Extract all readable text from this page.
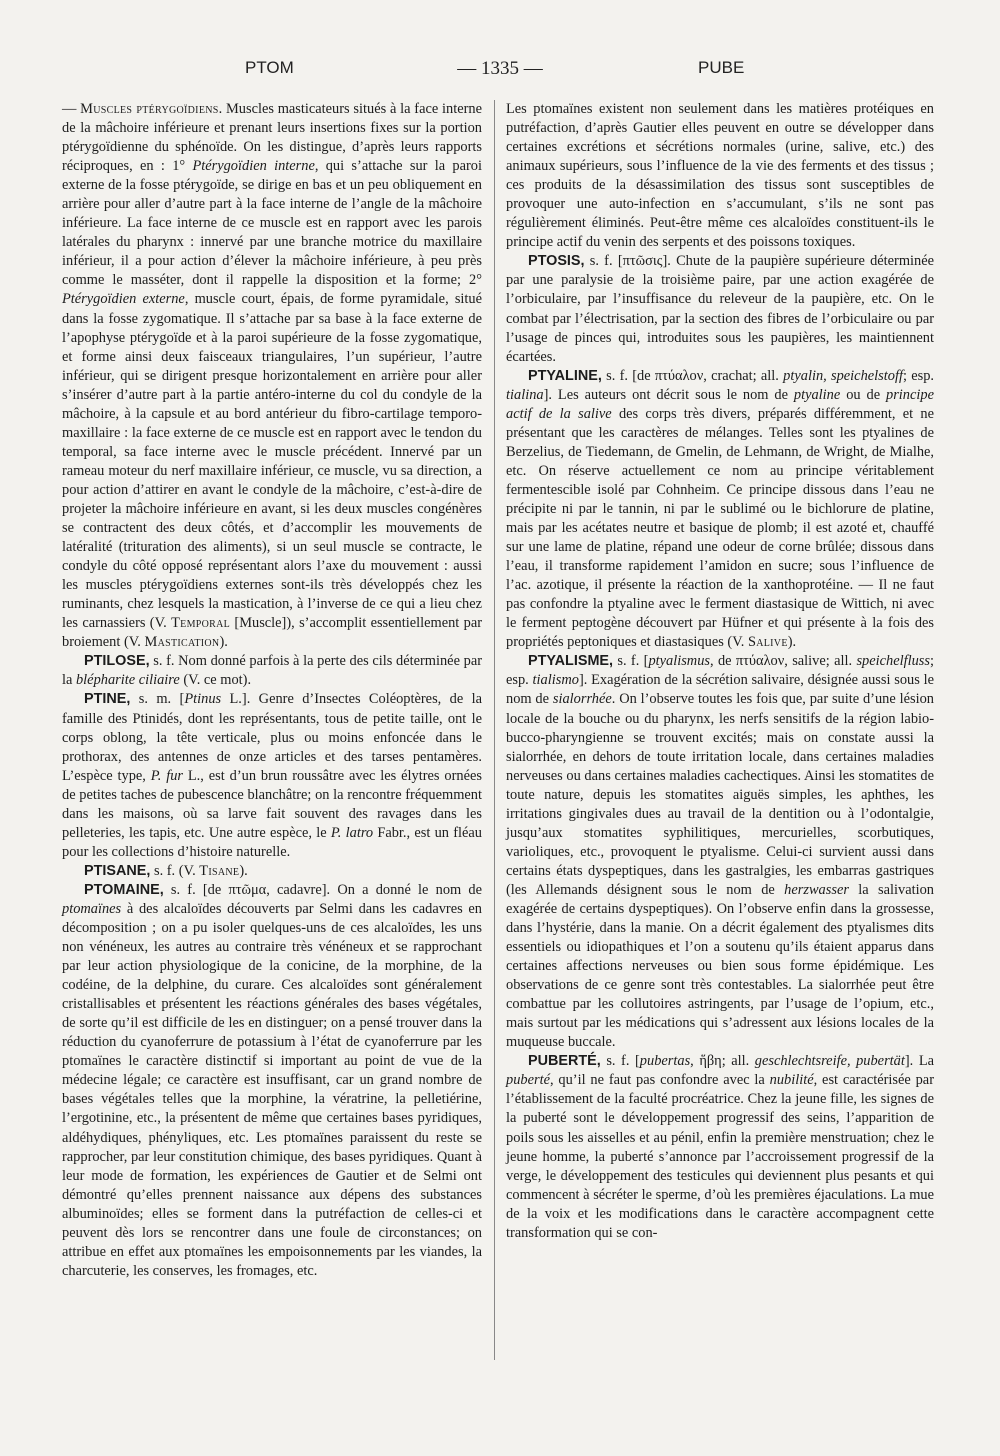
PTOM	— 1335 —	PUBE

— Muscles ptérygoïdiens. Muscles masticateurs situés à la face interne de la mâchoire inférieure et prenant leurs insertions fixes sur la portion ptérygoïdienne du sphénoïde. On les distingue, d’après leurs rapports réciproques, en : 1° Ptérygoïdien interne, qui s’attache sur la paroi externe de la fosse ptérygoïde, se dirige en bas et un peu obliquement en arrière pour aller d’autre part à la face interne de l’angle de la mâchoire inférieure. La face interne de ce muscle est en rapport avec les parois latérales du pharynx : innervé par une branche motrice du maxillaire inférieur, il a pour action d’élever la mâchoire inférieure, à peu près comme le masséter, dont il rappelle la disposition et la forme; 2° Ptérygoïdien externe, muscle court, épais, de forme pyramidale, situé dans la fosse zygomatique. Il s’attache par sa base à la face externe de l’apophyse ptérygoïde et à la paroi supérieure de la fosse zygomatique, et forme ainsi deux faisceaux triangulaires, l’un supérieur, l’autre inférieur, qui se dirigent presque horizontalement en arrière pour aller s’insérer d’autre part à la partie antéro-interne du col du condyle de la mâchoire, à la capsule et au bord antérieur du fibro-cartilage temporo-maxillaire : la face externe de ce muscle est en rapport avec le tendon du temporal, sa face interne avec le muscle précédent. Innervé par un rameau moteur du nerf maxillaire inférieur, ce muscle, vu sa direction, a pour action d’attirer en avant le condyle de la mâchoire, c’est-à-dire de projeter la mâchoire inférieure en avant, si les deux muscles congénères se contractent des deux côtés, et d’accomplir les mouvements de latéralité (trituration des aliments), si un seul muscle se contracte, le condyle du côté opposé représentant alors l’axe du mouvement : aussi les muscles ptérygoïdiens externes sont-ils très développés chez les ruminants, chez lesquels la mastication, à l’inverse de ce qui a lieu chez les carnassiers (V. Temporal [Muscle]), s’accomplit essentiellement par broiement (V. Mastication).

PTILOSE, s. f. Nom donné parfois à la perte des cils déterminée par la blépharite ciliaire (V. ce mot).

PTINE, s. m. [Ptinus L.]. Genre d’Insectes Coléoptères, de la famille des Ptinidés, dont les représentants, tous de petite taille, ont le corps oblong, la tête verticale, plus ou moins enfoncée dans le prothorax, des antennes de onze articles et des tarses pentamères. L’espèce type, P. fur L., est d’un brun roussâtre avec les élytres ornées de petites taches de pubescence blanchâtre; on la rencontre fréquemment dans les maisons, où sa larve fait souvent des ravages dans les pelleteries, les tapis, etc. Une autre espèce, le P. latro Fabr., est un fléau pour les collections d’histoire naturelle.

PTISANE, s. f. (V. Tisane).

PTOMAINE, s. f. [de πτῶμα, cadavre]. On a donné le nom de ptomaïnes à des alcaloïdes découverts par Selmi dans les cadavres en décomposition ; on a pu isoler quelques-uns de ces alcaloïdes, les uns non vénéneux, les autres au contraire très vénéneux et se rapprochant par leur action physiologique de la conicine, de la morphine, de la codéine, de la delphine, du curare. Ces alcaloïdes sont généralement cristallisables et présentent les réactions générales des bases végétales, de sorte qu’il est difficile de les en distinguer; on a pensé trouver dans la réduction du cyanoferrure de potassium à l’état de cyanoferrure par les ptomaïnes le caractère distinctif si important au point de vue de la médecine légale; ce caractère est insuffisant, car un grand nombre de bases végétales telles que la morphine, la vératrine, la pelletiérine, l’ergotinine, etc., la présentent de même que certaines bases pyridiques, aldéhydiques, phényliques, etc. Les ptomaïnes paraissent du reste se rapprocher, par leur constitution chimique, des bases pyridiques. Quant à leur mode de formation, les expériences de Gautier et de Selmi ont démontré qu’elles prennent naissance aux dépens des substances albuminoïdes; elles se forment dans la putréfaction de celles-ci et peuvent dès lors se rencontrer dans une foule de circonstances; on attribue en effet aux ptomaïnes les empoisonnements par les viandes, la charcuterie, les conserves, les fromages, etc.

Les ptomaïnes existent non seulement dans les matières protéiques en putréfaction, d’après Gautier elles peuvent en outre se développer dans certaines excrétions et sécrétions normales (urine, salive, etc.) des animaux supérieurs, sous l’influence de la vie des ferments et des tissus ; ces produits de la désassimilation des tissus sont susceptibles de provoquer une auto-infection en s’accumulant, s’ils ne sont pas régulièrement éliminés. Peut-être même ces alcaloïdes constituent-ils le principe actif du venin des serpents et des poissons toxiques.

PTOSIS, s. f. [πτῶσις]. Chute de la paupière supérieure déterminée par une paralysie de la troisième paire, par une action exagérée de l’orbiculaire, par l’insuffisance du releveur de la paupière, etc. On le combat par l’électrisation, par la section des fibres de l’orbiculaire ou par l’usage de pinces qui, introduites sous les paupières, les maintiennent écartées.

PTYALINE, s. f. [de πτύαλον, crachat; all. ptyalin, speichelstoff; esp. tialina]. Les auteurs ont décrit sous le nom de ptyaline ou de principe actif de la salive des corps très divers, préparés différemment, et ne présentant que les caractères de mélanges. Telles sont les ptyalines de Berzelius, de Tiedemann, de Gmelin, de Lehmann, de Wright, de Mialhe, etc. On réserve actuellement ce nom au principe véritablement fermentescible isolé par Cohnheim. Ce principe dissous dans l’eau ne précipite ni par le tannin, ni par le sublimé ou le bichlorure de platine, mais par les acétates neutre et basique de plomb; il est azoté et, chauffé sur une lame de platine, répand une odeur de corne brûlée; dissous dans l’eau, il transforme rapidement l’amidon en sucre; sous l’influence de l’ac. azotique, il présente la réaction de la xanthoprotéine. — Il ne faut pas confondre la ptyaline avec le ferment diastasique de Wittich, ni avec le ferment peptogène découvert par Hüfner et qui présente à la fois des propriétés peptoniques et diastasiques (V. Salive).

PTYALISME, s. f. [ptyalismus, de πτύαλον, salive; all. speichelfluss; esp. tialismo]. Exagération de la sécrétion salivaire, désignée aussi sous le nom de sialorrhée. On l’observe toutes les fois que, par suite d’une lésion locale de la bouche ou du pharynx, les nerfs sensitifs de la région labio-bucco-pharyngienne se trouvent excités; mais on constate aussi la sialorrhée, en dehors de toute irritation locale, dans certaines maladies nerveuses ou dans certaines maladies cachectiques. Ainsi les stomatites de toute nature, depuis les stomatites aiguës simples, les aphthes, les irritations gingivales dues au travail de la dentition ou à l’odontalgie, jusqu’aux stomatites syphilitiques, mercurielles, scorbutiques, varioliques, etc., provoquent le ptyalisme. Celui-ci survient aussi dans certains états dyspeptiques, dans les gastralgies, les embarras gastriques (les Allemands désignent sous le nom de herzwasser la salivation exagérée de certains dyspeptiques). On l’observe enfin dans la grossesse, dans l’hystérie, dans la manie. On a décrit également des ptyalismes dits essentiels ou idiopathiques et l’on a soutenu qu’ils étaient apparus dans certaines affections nerveuses ou bien sous forme épidémique. Les observations de ce genre sont très contestables. La sialorrhée peut être combattue par les collutoires astringents, par l’usage de l’opium, etc., mais surtout par les médications qui s’adressent aux lésions locales de la muqueuse buccale.

PUBERTÉ, s. f. [pubertas, ἥβη; all. geschlechtsreife, pubertät]. La puberté, qu’il ne faut pas confondre avec la nubilité, est caractérisée par l’établissement de la faculté procréatrice. Chez la jeune fille, les signes de la puberté sont le développement progressif des seins, l’apparition de poils sous les aisselles et au pénil, enfin la première menstruation; chez le jeune homme, la puberté s’annonce par l’accroissement progressif de la verge, le développement des testicules qui deviennent plus pesants et qui commencent à sécréter le sperme, d’où les premières éjaculations. La mue de la voix et les modifications dans le caractère accompagnent cette transformation qui se con-
